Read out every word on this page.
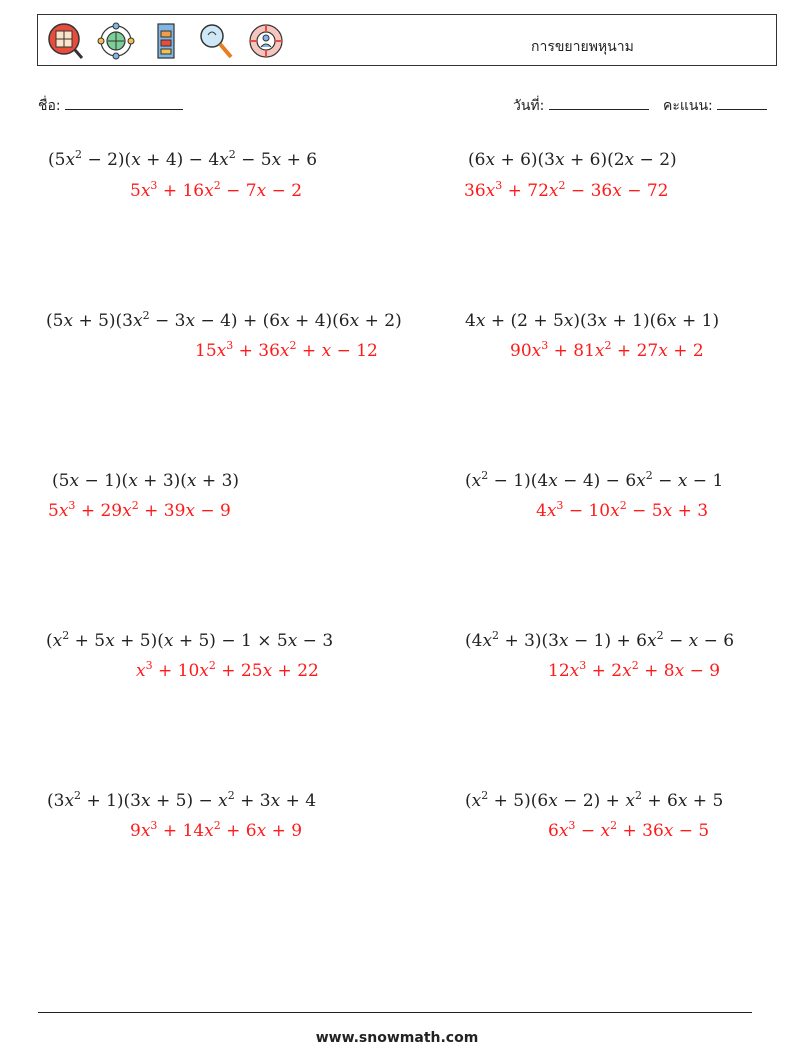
การขยายพหุนาม
ชื่อ:	วันที่:	คะแนน:
$(5x^2 - 2)(x + 4) - 4x^2 - 5x + 6$
$5x^3 + 16x^2 - 7x - 2$
(6x + 6)(3x + 6)(2x − 2)
$36x^3 + 72x^2 - 36x - 72$
$(5x + 5)(3x^2 - 3x - 4) + (6x + 4)(6x + 2)$
$15x^3 + 36x^2 + x - 12$
4x + (2 + 5x)(3x + 1)(6x + 1)
$90x^3 + 81x^2 + 27x + 2$
(5x − 1)(x + 3)(x + 3)
$5x^3 + 29x^2 + 39x - 9$
$(x^2 - 1)(4x - 4) - 6x^2 - x - 1$
$4x^3 - 10x^2 - 5x + 3$
$(x^2 + 5x + 5)(x + 5) - 1 \times 5x - 3$
$x^3 + 10x^2 + 25x + 22$
$(4x^2 + 3)(3x - 1) + 6x^2 - x - 6$
$12x^3 + 2x^2 + 8x - 9$
$(3x^2 + 1)(3x + 5) - x^2 + 3x + 4$
$9x^3 + 14x^2 + 6x + 9$
$(x^2 + 5)(6x - 2) + x^2 + 6x + 5$
$6x^3 - x^2 + 36x - 5$
www.snowmath.com
